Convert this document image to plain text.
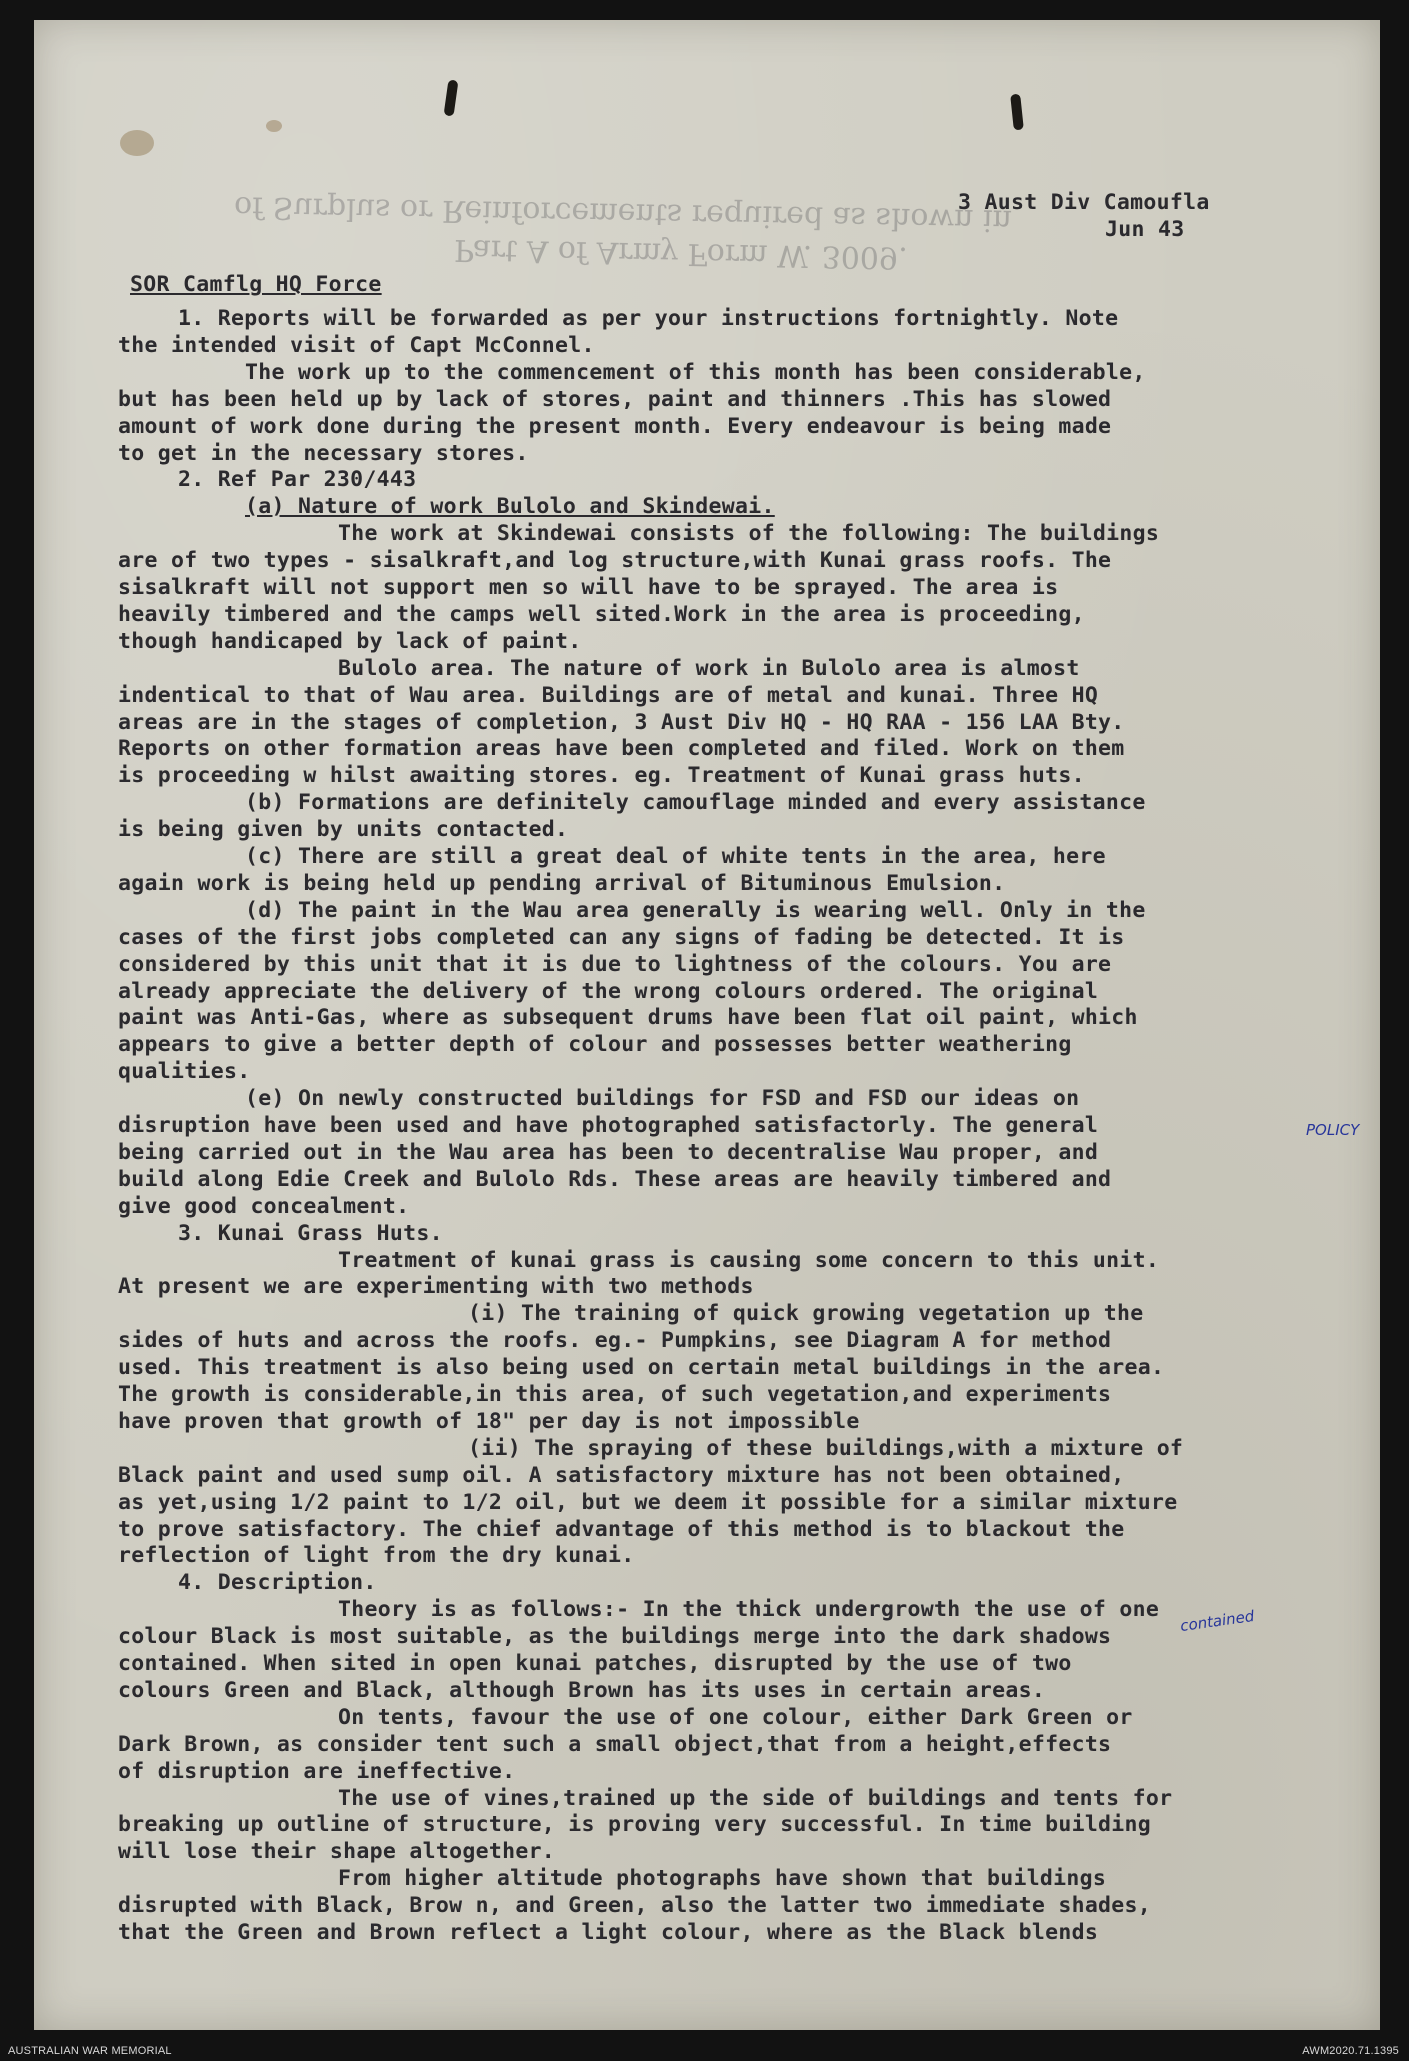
of Surplus or Reinforcements required as shown in
Part A of Army Form W. 3009.
3 Aust Div Camoufla
Jun 43
SOR Camflg HQ Force
1. Reports will be forwarded as per your instructions fortnightly. Note
the intended visit of Capt McConnel.
The work up to the commencement of this month has been considerable,
but has been held up by lack of stores, paint and thinners .This has slowed
amount of work done during the present month. Every endeavour is being made
to get in the necessary stores.
2. Ref Par 230/443
(a) Nature of work Bulolo and Skindewai.
The work at Skindewai consists of the following: The buildings
are of two types - sisalkraft,and log structure,with Kunai grass roofs. The
sisalkraft will not support men so will have to be sprayed. The area is
heavily timbered and the camps well sited.Work in the area is proceeding,
though handicaped by lack of paint.
Bulolo area. The nature of work in Bulolo area is almost
indentical to that of Wau area. Buildings are of metal and kunai. Three HQ
areas are in the stages of completion, 3 Aust Div HQ - HQ RAA - 156 LAA Bty.
Reports on other formation areas have been completed and filed. Work on them
is proceeding w hilst awaiting stores. eg. Treatment of Kunai grass huts.
(b) Formations are definitely camouflage minded and every assistance
is being given by units contacted.
(c) There are still a great deal of white tents in the area, here
again work is being held up pending arrival of Bituminous Emulsion.
(d) The paint in the Wau area generally is wearing well. Only in the
cases of the first jobs completed can any signs of fading be detected. It is
considered by this unit that it is due to lightness of the colours. You are
already appreciate the delivery of the wrong colours ordered. The original
paint was Anti-Gas, where as subsequent drums have been flat oil paint, which
appears to give a better depth of colour and possesses better weathering
qualities.
(e) On newly constructed buildings for FSD and FSD our ideas on
disruption have been used and have photographed satisfactorly. The general
being carried out in the Wau area has been to decentralise Wau proper, and
build along Edie Creek and Bulolo Rds. These areas are heavily timbered and
give good concealment.
3. Kunai Grass Huts.
Treatment of kunai grass is causing some concern to this unit.
At present we are experimenting with two methods
(i) The training of quick growing vegetation up the
sides of huts and across the roofs. eg.- Pumpkins, see Diagram A for method
used. This treatment is also being used on certain metal buildings in the area.
The growth is considerable,in this area, of such vegetation,and experiments
have proven that growth of 18" per day is not impossible
(ii) The spraying of these buildings,with a mixture of
Black paint and used sump oil. A satisfactory mixture has not been obtained,
as yet,using 1/2 paint to 1/2 oil, but we deem it possible for a similar mixture
to prove satisfactory. The chief advantage of this method is to blackout the
reflection of light from the dry kunai.
4. Description.
Theory is as follows:- In the thick undergrowth the use of one
colour Black is most suitable, as the buildings merge into the dark shadows
contained. When sited in open kunai patches, disrupted by the use of two
colours Green and Black, although Brown has its uses in certain areas.
On tents, favour the use of one colour, either Dark Green or
Dark Brown, as consider tent such a small object,that from a height,effects
of disruption are ineffective.
The use of vines,trained up the side of buildings and tents for
breaking up outline of structure, is proving very successful. In time building
will lose their shape altogether.
From higher altitude photographs have shown that buildings
disrupted with Black, Brow n, and Green, also the latter two immediate shades,
that the Green and Brown reflect a light colour, where as the Black blends
POLICY
contained
AUSTRALIAN WAR MEMORIAL	AWM2020.71.1395
